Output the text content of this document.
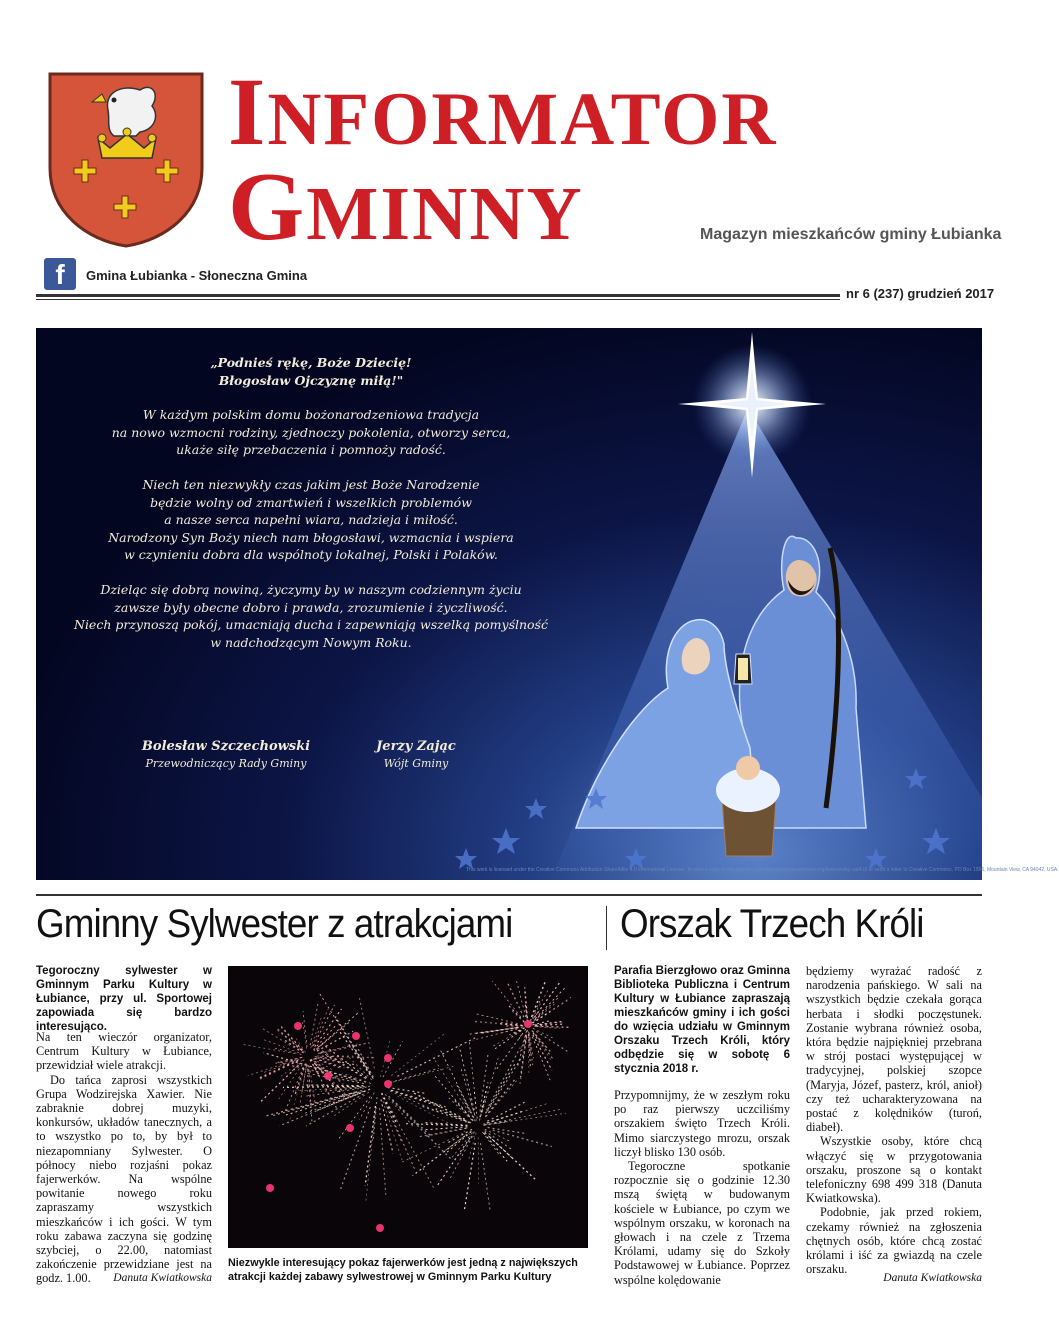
INFORMATOR
GMINNY	Magazyn mieszkańców gminy Łubianka
f	Gmina Łubianka - Słoneczna Gmina
nr 6 (237) grudzień 2017

„Podnieś rękę, Boże Dziecię!
Błogosław Ojczyznę miłą!"

W każdym polskim domu bożonarodzeniowa tradycja
na nowo wzmocni rodziny, zjednoczy pokolenia, otworzy serca,
ukaże siłę przebaczenia i pomnoży radość.

Niech ten niezwykły czas jakim jest Boże Narodzenie
będzie wolny od zmartwień i wszelkich problemów
a nasze serca napełni wiara, nadzieja i miłość.
Narodzony Syn Boży niech nam błogosławi, wzmacnia i wspiera
w czynieniu dobra dla wspólnoty lokalnej, Polski i Polaków.

Dzieląc się dobrą nowiną, życzymy by w naszym codziennym życiu
zawsze były obecne dobro i prawda, zrozumienie i życzliwość.
Niech przynoszą pokój, umacniają ducha i zapewniają wszelką pomyślność
w nadchodzącym Nowym Roku.

Bolesław Szczechowski
Przewodniczący Rady Gminy
Jerzy Zając
Wójt Gminy
This work is licensed under the Creative Commons Attribution-ShareAlike 4.0 International License. To view a copy of this license, visit http://creativecommons.org/licenses/by-sa/4.0/ or send a letter to Creative Commons, PO Box 1866, Mountain View, CA 94042, USA.
Gminny Sylwester z atrakcjami	Orszak Trzech Króli
Tegoroczny sylwester w Gminnym Parku Kultury w Łubiance, przy ul. Sportowej zapowiada się bardzo interesująco.

Na ten wieczór organizator, Centrum Kultury w Łubiance, przewidział wiele atrakcji.

Do tańca zaprosi wszystkich Grupa Wodzirejska Xawier. Nie zabraknie dobrej muzyki, konkursów, układów tanecznych, a to wszystko po to, by był to niezapomniany Sylwester. O północy niebo rozjaśni pokaz fajerwerków. Na wspólne powitanie nowego roku zapraszamy wszystkich mieszkańców i ich gości. W tym roku zabawa zaczyna się godzinę szybciej, o 22.00, natomiast zakończenie przewidziane jest na godz. 1.00.	Danuta Kwiatkowska
Niezwykle interesujący pokaz fajerwerków jest jedną z największych atrakcji każdej zabawy sylwestrowej w Gminnym Parku Kultury
Parafia Bierzgłowo oraz Gminna Biblioteka Publiczna i Centrum Kultury w Łubiance zapraszają mieszkańców gminy i ich gości do wzięcia udziału w Gminnym Orszaku Trzech Króli, który odbędzie się w sobotę 6 stycznia 2018 r.

Przypomnijmy, że w zeszłym roku po raz pierwszy uczciliśmy orszakiem święto Trzech Króli. Mimo siarczystego mrozu, orszak liczył blisko 130 osób.

Tegoroczne spotkanie rozpocznie się o godzinie 12.30 mszą świętą w budowanym kościele w Łubiance, po czym we wspólnym orszaku, w koronach na głowach i na czele z Trzema Królami, udamy się do Szkoły Podstawowej w Łubiance. Poprzez wspólne kolędowanie

będziemy wyrażać radość z narodzenia pańskiego. W sali na wszystkich będzie czekała gorąca herbata i słodki poczęstunek. Zostanie wybrana również osoba, która będzie najpiękniej przebrana w strój postaci występującej w tradycyjnej, polskiej szopce (Maryja, Józef, pasterz, król, anioł) czy też ucharakteryzowana na postać z kolędników (turoń, diabeł).

Wszystkie osoby, które chcą włączyć się w przygotowania orszaku, proszone są o kontakt telefoniczny 698 499 318 (Danuta Kwiatkowska).

Podobnie, jak przed rokiem, czekamy również na zgłoszenia chętnych osób, które chcą zostać królami i iść za gwiazdą na czele orszaku.

Danuta Kwiatkowska
